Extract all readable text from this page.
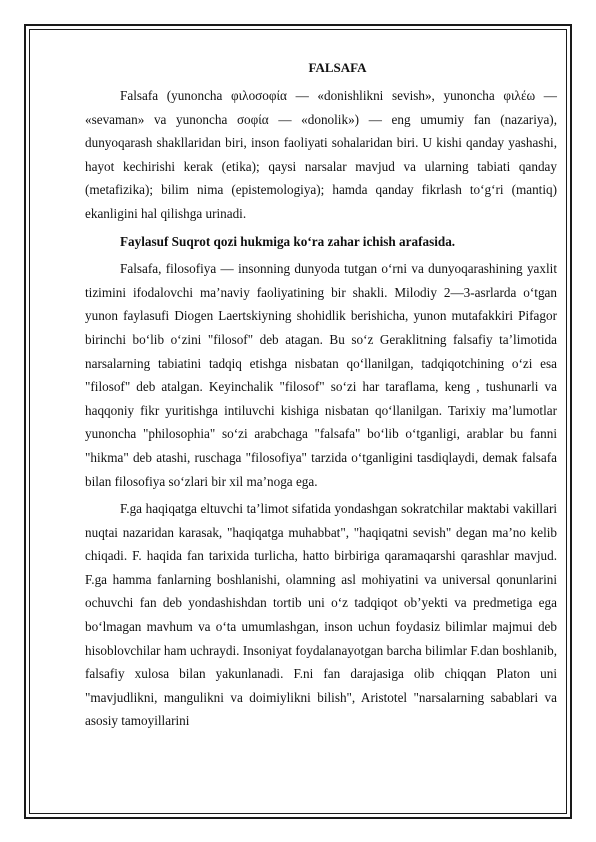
FALSAFA

Falsafa (yunoncha φιλοσοφία — «donishlikni sevish», yunoncha φιλέω — «sevaman» va yunoncha σοφία — «donolik») — eng umumiy fan (nazariya), dunyoqarash shakllaridan biri, inson faoliyati sohalaridan biri. U kishi qanday yashashi, hayot kechirishi kerak (etika); qaysi narsalar mavjud va ularning tabiati qanday (metafizika); bilim nima (epistemologiya); hamda qanday fikrlash to‘g‘ri (mantiq) ekanligini hal qilishga urinadi.

Faylasuf Suqrot qozi hukmiga ko‘ra zahar ichish arafasida.

Falsafa, filosofiya — insonning dunyoda tutgan o‘rni va dunyoqarashining yaxlit tizimini ifodalovchi ma’naviy faoliyatining bir shakli. Milodiy 2—3-asrlarda o‘tgan yunon faylasufi Diogen Laertskiyning shohidlik berishicha, yunon mutafakkiri Pifagor birinchi bo‘lib o‘zini "filosof" deb atagan. Bu so‘z Geraklitning falsafiy ta’limotida narsalarning tabiatini tadqiq etishga nisbatan qo‘llanilgan, tadqiqotchining o‘zi esa "filosof" deb atalgan. Keyinchalik "filosof" so‘zi har taraflama, keng , tushunarli va haqqoniy fikr yuritishga intiluvchi kishiga nisbatan qo‘llanilgan. Tarixiy ma’lumotlar yunoncha "philosophia" so‘zi arabchaga "falsafa" bo‘lib o‘tganligi, arablar bu fanni "hikma" deb atashi, ruschaga "filosofiya" tarzida o‘tganligini tasdiqlaydi, demak falsafa bilan filosofiya so‘zlari bir xil ma’noga ega.

F.ga haqiqatga eltuvchi ta’limot sifatida yondashgan sokratchilar maktabi vakillari nuqtai nazaridan karasak, "haqiqatga muhabbat", "haqiqatni sevish" degan ma’no kelib chiqadi. F. haqida fan tarixida turlicha, hatto birbiriga qaramaqarshi qarashlar mavjud. F.ga hamma fanlarning boshlanishi, olamning asl mohiyatini va universal qonunlarini ochuvchi fan deb yondashishdan tortib uni o‘z tadqiqot ob’yekti va predmetiga ega bo‘lmagan mavhum va o‘ta umumlashgan, inson uchun foydasiz bilimlar majmui deb hisoblovchilar ham uchraydi. Insoniyat foydalanayotgan barcha bilimlar F.dan boshlanib, falsafiy xulosa bilan yakunlanadi. F.ni fan darajasiga olib chiqqan Platon uni "mavjudlikni, mangulikni va doimiylikni bilish", Aristotel "narsalarning sabablari va asosiy tamoyillarini
